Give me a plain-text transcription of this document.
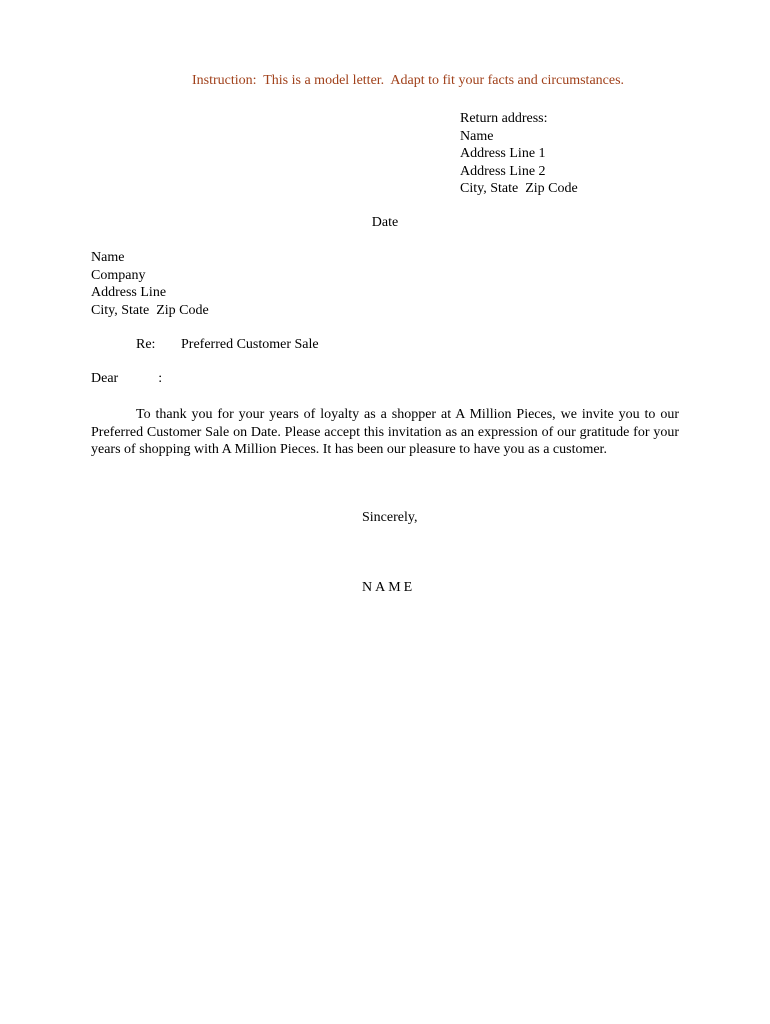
Instruction:  This is a model letter.  Adapt to fit your facts and circumstances.
Return address:
Name
Address Line 1
Address Line 2
City, State  Zip Code
Date
Name
Company
Address Line
City, State  Zip Code
Re: Preferred Customer Sale
Dear	:
To thank you for your years of loyalty as a shopper at A Million Pieces, we invite you to our Preferred Customer Sale on Date. Please accept this invitation as an expression of our gratitude for your years of shopping with A Million Pieces. It has been our pleasure to have you as a customer.
Sincerely,
NAME
